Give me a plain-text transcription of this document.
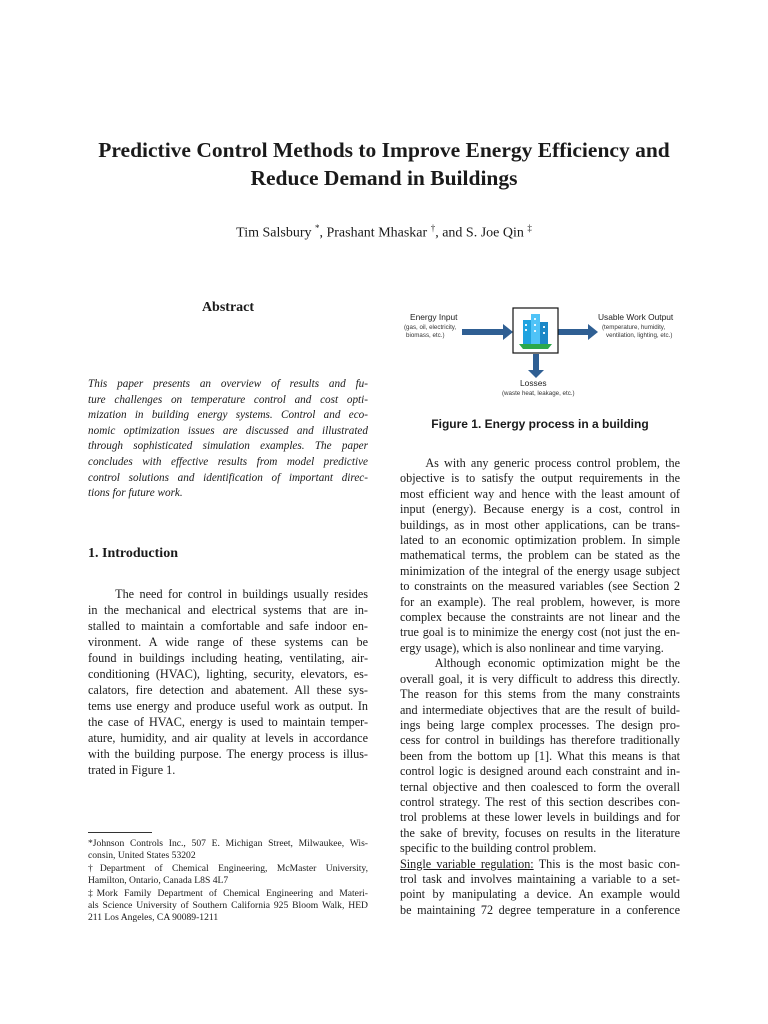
Predictive Control Methods to Improve Energy Efficiency and
Reduce Demand in Buildings
Tim Salsbury *, Prashant Mhaskar †, and S. Joe Qin ‡
Abstract
This paper presents an overview of results and fu-
ture challenges on temperature control and cost opti-
mization in building energy systems. Control and eco-
nomic optimization issues are discussed and illustrated
through sophisticated simulation examples. The paper
concludes with effective results from model predictive
control solutions and identification of important direc-
tions for future work.
1. Introduction
The need for control in buildings usually resides
in the mechanical and electrical systems that are in-
stalled to maintain a comfortable and safe indoor en-
vironment. A wide range of these systems can be
found in buildings including heating, ventilating, air-
conditioning (HVAC), lighting, security, elevators, es-
calators, fire detection and abatement. All these sys-
tems use energy and produce useful work as output. In
the case of HVAC, energy is used to maintain temper-
ature, humidity, and air quality at levels in accordance
with the building purpose. The energy process is illus-
trated in Figure 1.
*Johnson Controls Inc., 507 E. Michigan Street, Milwaukee, Wis-
consin, United States 53202
†Department of Chemical Engineering, McMaster University,
Hamilton, Ontario, Canada L8S 4L7
‡Mork Family Department of Chemical Engineering and Materi-
als Science University of Southern California 925 Bloom Walk, HED
211 Los Angeles, CA 90089-1211
Energy Input
(gas, oil, electricity,
biomass, etc.)
Usable Work Output
(temperature, humidity,
ventilation, lighting, etc.)
Losses
(waste heat, leakage, etc.)
Figure 1. Energy process in a building
As with any generic process control problem, the
objective is to satisfy the output requirements in the
most efficient way and hence with the least amount of
input (energy). Because energy is a cost, control in
buildings, as in most other applications, can be trans-
lated to an economic optimization problem. In simple
mathematical terms, the problem can be stated as the
minimization of the integral of the energy usage subject
to constraints on the measured variables (see Section 2
for an example). The real problem, however, is more
complex because the constraints are not linear and the
true goal is to minimize the energy cost (not just the en-
ergy usage), which is also nonlinear and time varying.
Although economic optimization might be the
overall goal, it is very difficult to address this directly.
The reason for this stems from the many constraints
and intermediate objectives that are the result of build-
ings being large complex processes. The design pro-
cess for control in buildings has therefore traditionally
been from the bottom up [1]. What this means is that
control logic is designed around each constraint and in-
ternal objective and then coalesced to form the overall
control strategy. The rest of this section describes con-
trol problems at these lower levels in buildings and for
the sake of brevity, focuses on results in the literature
specific to the building control problem.
Single variable regulation: This is the most basic con-
trol task and involves maintaining a variable to a set-
point by manipulating a device. An example would
be maintaining 72 degree temperature in a conference
